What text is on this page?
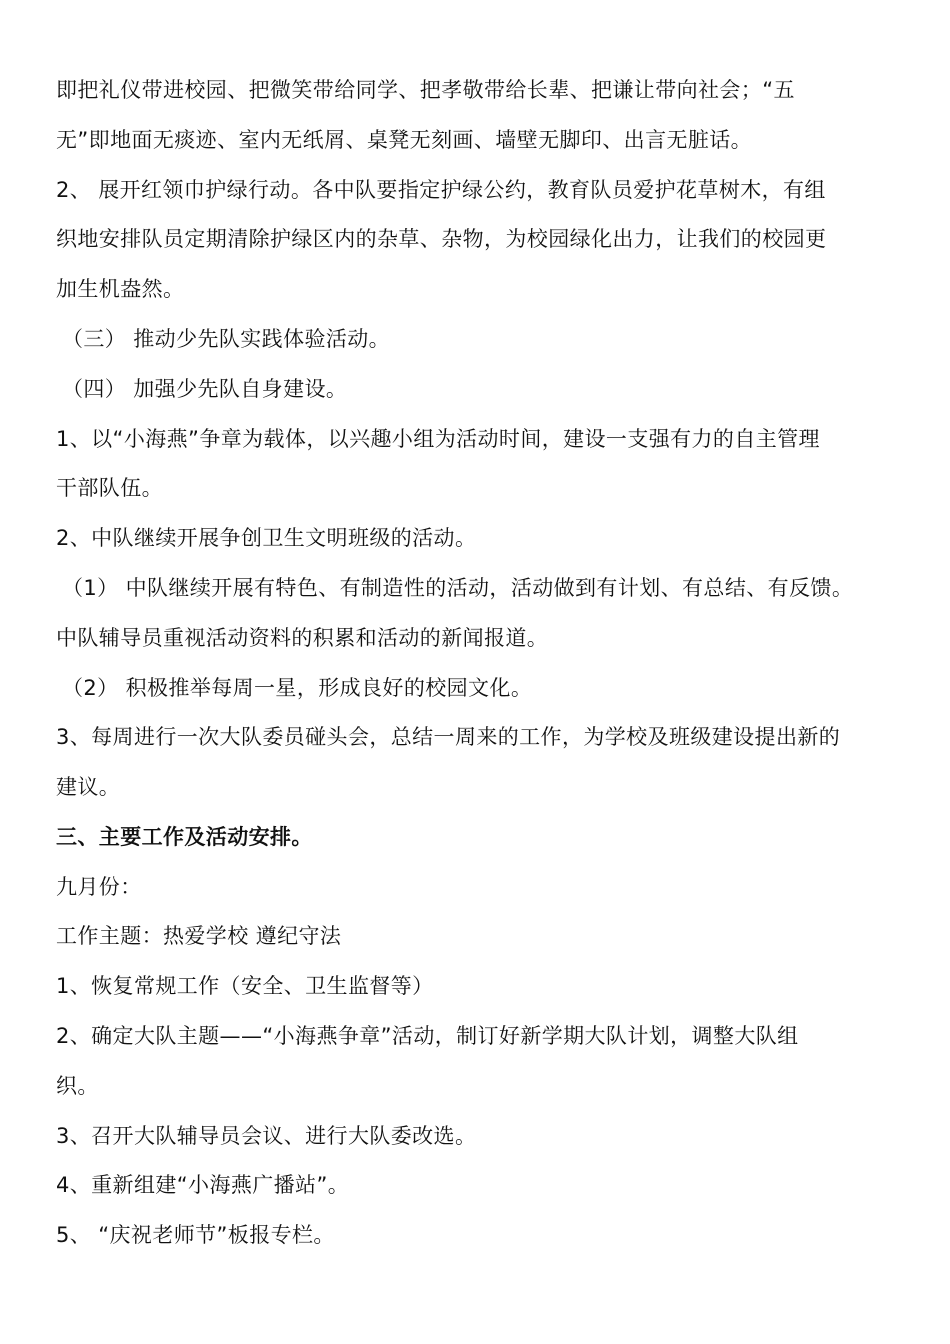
即把礼仪带进校园、把微笑带给同学、把孝敬带给长辈、把谦让带向社会；“五
无”即地面无痰迹、室内无纸屑、桌凳无刻画、墙壁无脚印、出言无脏话。
2、 展开红领巾护绿行动。各中队要指定护绿公约，教育队员爱护花草树木，有组
织地安排队员定期清除护绿区内的杂草、杂物，为校园绿化出力，让我们的校园更
加生机盎然。
（三） 推动少先队实践体验活动。
（四） 加强少先队自身建设。
1、以“小海燕”争章为载体，以兴趣小组为活动时间，建设一支强有力的自主管理
干部队伍。
2、中队继续开展争创卫生文明班级的活动。
（1） 中队继续开展有特色、有制造性的活动，活动做到有计划、有总结、有反馈。
中队辅导员重视活动资料的积累和活动的新闻报道。
（2） 积极推举每周一星，形成良好的校园文化。
3、每周进行一次大队委员碰头会，总结一周来的工作，为学校及班级建设提出新的
建议。
三、主要工作及活动安排。
九月份：
工作主题：热爱学校 遵纪守法
1、恢复常规工作（安全、卫生监督等）
2、确定大队主题——“小海燕争章”活动，制订好新学期大队计划，调整大队组
织。
3、召开大队辅导员会议、进行大队委改选。
4、重新组建“小海燕广播站”。
5、 “庆祝老师节”板报专栏。
